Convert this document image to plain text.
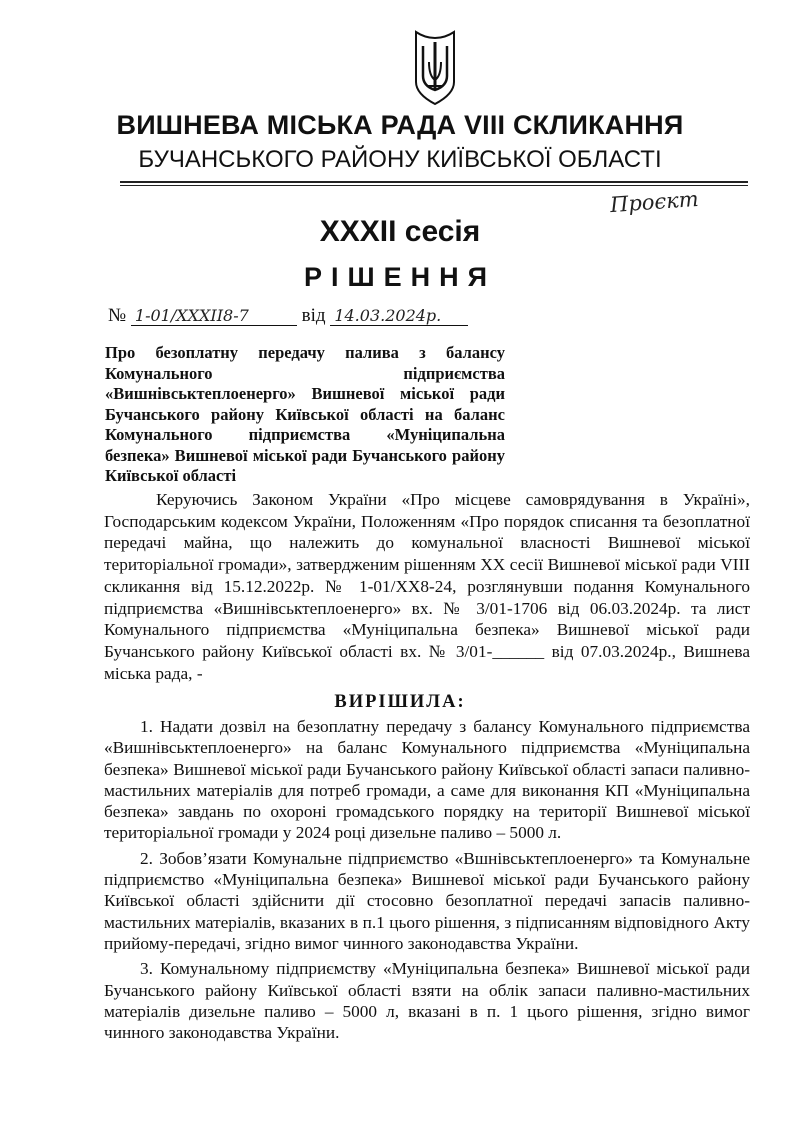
ВИШНЕВА МІСЬКА РАДА VIII СКЛИКАННЯ
БУЧАНСЬКОГО РАЙОНУ КИЇВСЬКОЇ ОБЛАСТІ
Проєкт
XXXII сесія
РІШЕННЯ
№ 1-01/XXXII8-7	від 14.03.2024р.
Про безоплатну передачу палива з балансу Комунального підприємства «Вишнівськтеплоенерго» Вишневої міської ради Бучанського району Київської області на баланс Комунального підприємства «Муніципальна безпека» Вишневої міської ради Бучанського району Київської області
Керуючись Законом України «Про місцеве самоврядування в Україні», Господарським кодексом України, Положенням «Про порядок списання та безоплатної передачі майна, що належить до комунальної власності Вишневої міської територіальної громади», затвердженим рішенням XX сесії Вишневої міської ради VIII скликання від 15.12.2022р. № 1-01/XX8-24, розглянувши подання Комунального підприємства «Вишнівськтеплоенерго» вх. № 3/01-1706 від 06.03.2024р. та лист Комунального підприємства «Муніципальна безпека» Вишневої міської ради Бучанського району Київської області вх. № 3/01-______ від 07.03.2024р., Вишнева міська рада, -
ВИРІШИЛА:

1. Надати дозвіл на безоплатну передачу з балансу Комунального підприємства «Вишнівськтеплоенерго» на баланс Комунального підприємства «Муніципальна безпека» Вишневої міської ради Бучанського району Київської області запаси паливно-мастильних матеріалів для потреб громади, а саме для виконання КП «Муніципальна безпека» завдань по охороні громадського порядку на території Вишневої міської територіальної громади у 2024 році дизельне паливо – 5000 л.

2. Зобов’язати Комунальне підприємство «Вшнівськтеплоенерго» та Комунальне підприємство «Муніципальна безпека» Вишневої міської ради Бучанського району Київської області здійснити дії стосовно безоплатної передачі запасів паливно-мастильних матеріалів, вказаних в п.1 цього рішення, з підписанням відповідного Акту прийому-передачі, згідно вимог чинного законодавства України.

3. Комунальному підприємству «Муніципальна безпека» Вишневої міської ради Бучанського району Київської області взяти на облік запаси паливно-мастильних матеріалів дизельне паливо – 5000 л, вказані в п. 1 цього рішення, згідно вимог чинного законодавства України.
